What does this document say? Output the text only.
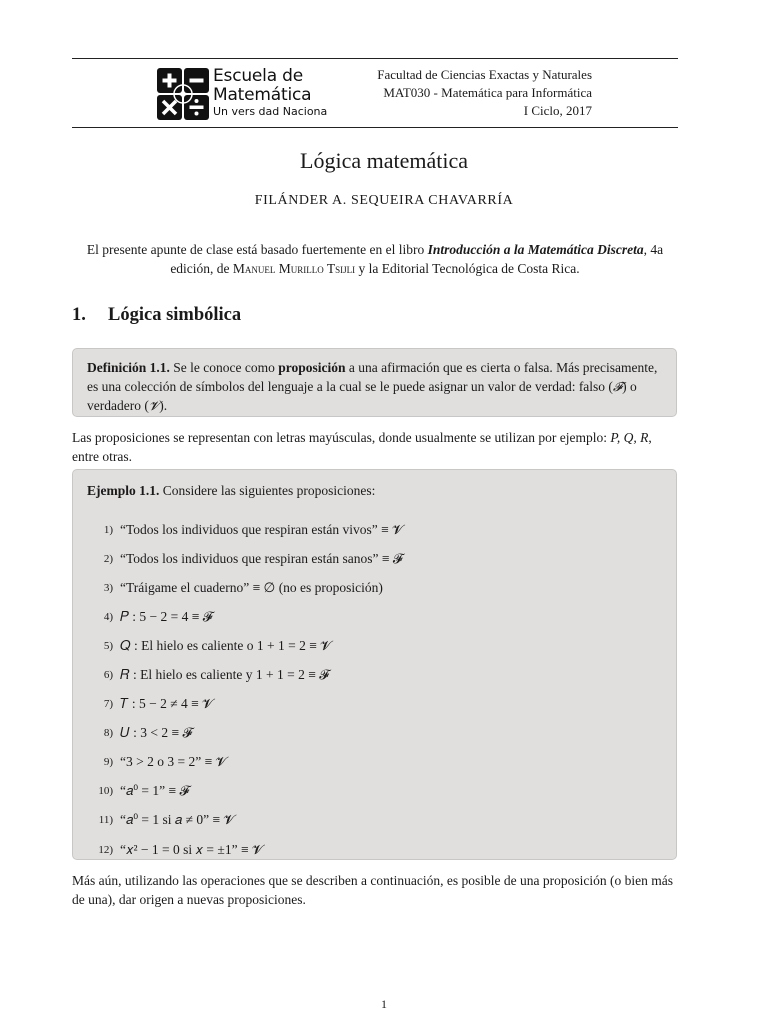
Escuela de
Matemática
Un vers dad Naciona
Facultad de Ciencias Exactas y Naturales
MAT030 - Matemática para Informática
I Ciclo, 2017
Lógica matemática
FILÁNDER A. SEQUEIRA CHAVARRÍA
El presente apunte de clase está basado fuertemente en el libro Introducción a la Matemática Discreta, 4a edición, de Manuel Murillo Tsijli y la Editorial Tecnológica de Costa Rica.
1. Lógica simbólica

Definición 1.1. Se le conoce como proposición a una afirmación que es cierta o falsa. Más precisamente, es una colección de símbolos del lenguaje a la cual se le puede asignar un valor de verdad: falso (𝓕) o verdadero (𝓥).

Las proposiciones se representan con letras mayúsculas, donde usualmente se utilizan por ejemplo: P, Q, R, entre otras.

Ejemplo 1.1. Considere las siguientes proposiciones:

1) “Todos los individuos que respiran están vivos” ≡ 𝓥
2) “Todos los individuos que respiran están sanos” ≡ 𝓕
3) “Tráigame el cuaderno” ≡ ∅ (no es proposición)
4) 𝑃 : 5 − 2 = 4 ≡ 𝓕
5) 𝑄 : El hielo es caliente o 1 + 1 = 2 ≡ 𝓥
6) 𝑅 : El hielo es caliente y 1 + 1 = 2 ≡ 𝓕
7) 𝑇 : 5 − 2 ≠ 4 ≡ 𝓥
8) 𝑈 : 3 < 2 ≡ 𝓕
9) “3 > 2 o 3 = 2” ≡ 𝓥
10) “𝑎⁰ = 1” ≡ 𝓕
11) “𝑎⁰ = 1 si 𝑎 ≠ 0” ≡ 𝓥
12) “𝑥² − 1 = 0 si 𝑥 = ±1” ≡ 𝓥
Más aún, utilizando las operaciones que se describen a continuación, es posible de una proposición (o bien más de una), dar origen a nuevas proposiciones.
1
